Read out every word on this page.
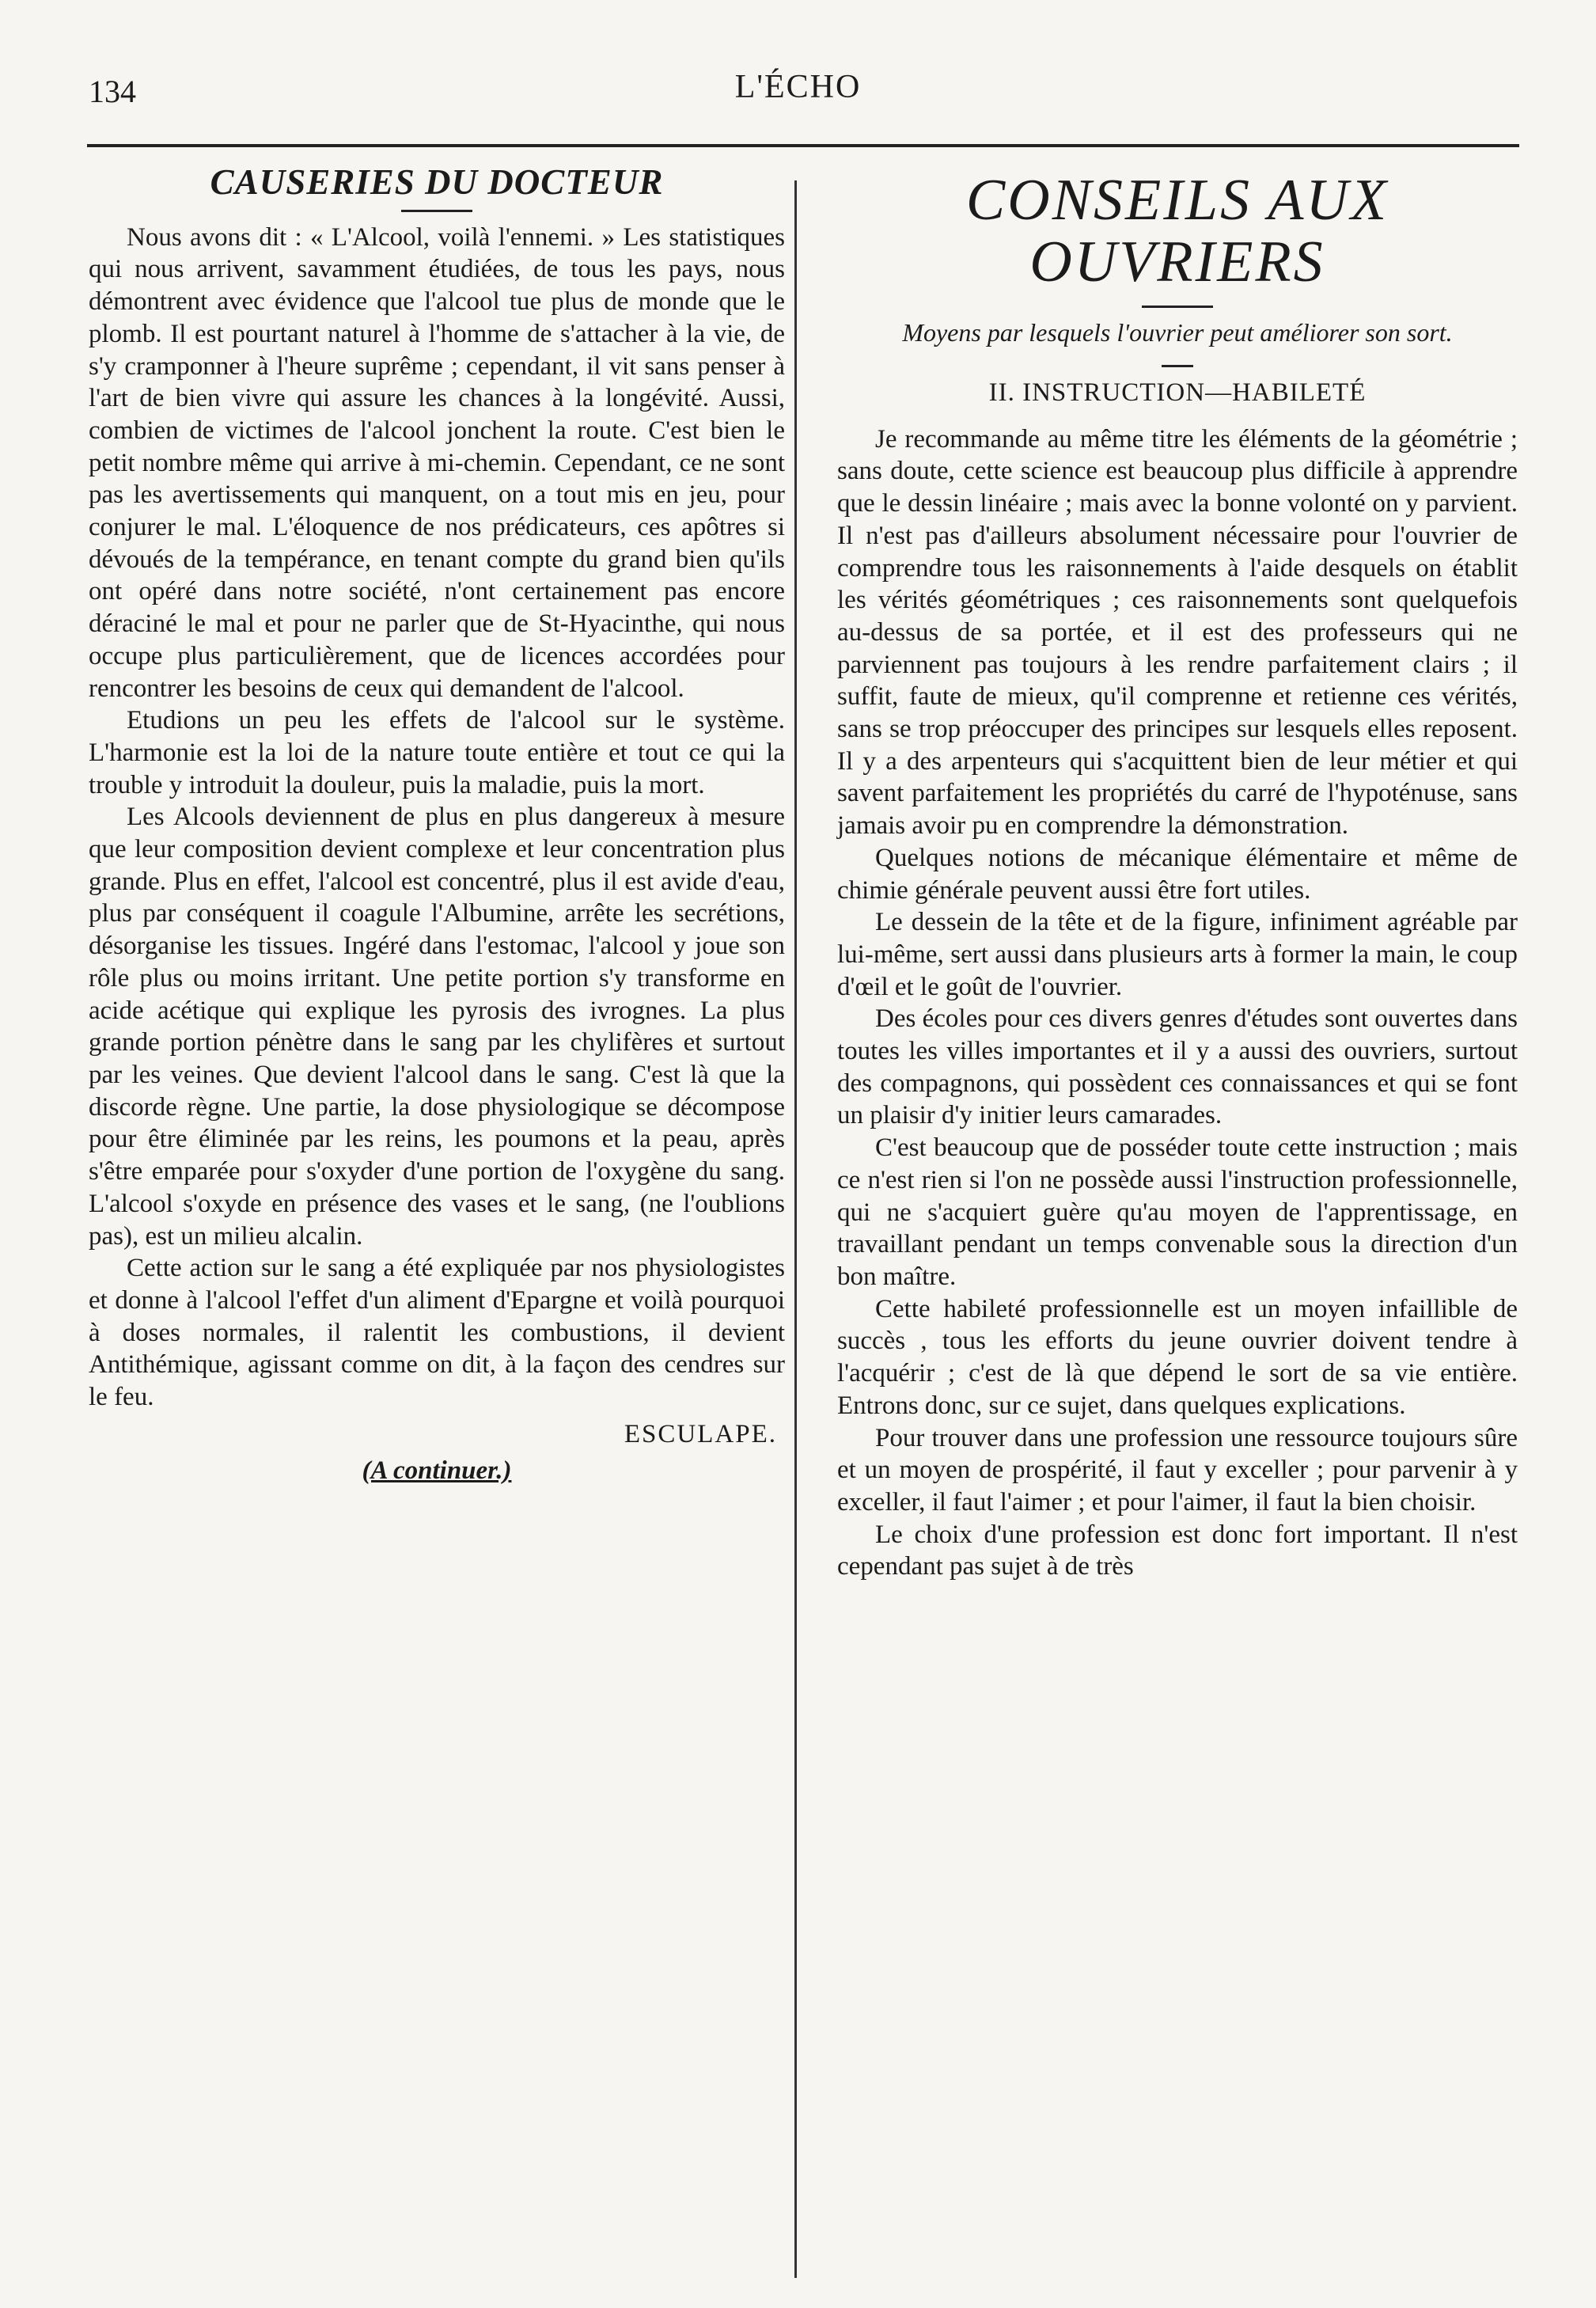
134	L'ÉCHO
CAUSERIES DU DOCTEUR

Nous avons dit : « L'Alcool, voilà l'ennemi. » Les statistiques qui nous arrivent, savamment étudiées, de tous les pays, nous démontrent avec évidence que l'alcool tue plus de monde que le plomb. Il est pourtant naturel à l'homme de s'attacher à la vie, de s'y cramponner à l'heure suprême ; cependant, il vit sans penser à l'art de bien vivre qui assure les chances à la longévité. Aussi, combien de victimes de l'alcool jonchent la route. C'est bien le petit nombre même qui arrive à mi-chemin. Cependant, ce ne sont pas les avertissements qui manquent, on a tout mis en jeu, pour conjurer le mal. L'éloquence de nos prédicateurs, ces apôtres si dévoués de la tempérance, en tenant compte du grand bien qu'ils ont opéré dans notre société, n'ont certainement pas encore déraciné le mal et pour ne parler que de St-Hyacinthe, qui nous occupe plus particulièrement, que de licences accordées pour rencontrer les besoins de ceux qui demandent de l'alcool.

Etudions un peu les effets de l'alcool sur le système. L'harmonie est la loi de la nature toute entière et tout ce qui la trouble y introduit la douleur, puis la maladie, puis la mort.

Les Alcools deviennent de plus en plus dangereux à mesure que leur composition devient complexe et leur concentration plus grande. Plus en effet, l'alcool est concentré, plus il est avide d'eau, plus par conséquent il coagule l'Albumine, arrête les secrétions, désorganise les tissues. Ingéré dans l'estomac, l'alcool y joue son rôle plus ou moins irritant. Une petite portion s'y transforme en acide acétique qui explique les pyrosis des ivrognes. La plus grande portion pénètre dans le sang par les chylifères et surtout par les veines. Que devient l'alcool dans le sang. C'est là que la discorde règne. Une partie, la dose physiologique se décompose pour être éliminée par les reins, les poumons et la peau, après s'être emparée pour s'oxyder d'une portion de l'oxygène du sang. L'alcool s'oxyde en présence des vases et le sang, (ne l'oublions pas), est un milieu alcalin.

Cette action sur le sang a été expliquée par nos physiologistes et donne à l'alcool l'effet d'un aliment d'Epargne et voilà pourquoi à doses normales, il ralentit les combustions, il devient Antithémique, agissant comme on dit, à la façon des cendres sur le feu.

ESCULAPE.
(A continuer.)
CONSEILS AUX OUVRIERS
Moyens par lesquels l'ouvrier peut améliorer son sort.
II. INSTRUCTION—HABILETÉ

Je recommande au même titre les éléments de la géométrie ; sans doute, cette science est beaucoup plus difficile à apprendre que le dessin linéaire ; mais avec la bonne volonté on y parvient. Il n'est pas d'ailleurs absolument nécessaire pour l'ouvrier de comprendre tous les raisonnements à l'aide desquels on établit les vérités géométriques ; ces raisonnements sont quelquefois au-dessus de sa portée, et il est des professeurs qui ne parviennent pas toujours à les rendre parfaitement clairs ; il suffit, faute de mieux, qu'il comprenne et retienne ces vérités, sans se trop préoccuper des principes sur lesquels elles reposent. Il y a des arpenteurs qui s'acquittent bien de leur métier et qui savent parfaitement les propriétés du carré de l'hypoténuse, sans jamais avoir pu en comprendre la démonstration.

Quelques notions de mécanique élémentaire et même de chimie générale peuvent aussi être fort utiles.

Le dessein de la tête et de la figure, infiniment agréable par lui-même, sert aussi dans plusieurs arts à former la main, le coup d'œil et le goût de l'ouvrier.

Des écoles pour ces divers genres d'études sont ouvertes dans toutes les villes importantes et il y a aussi des ouvriers, surtout des compagnons, qui possèdent ces connaissances et qui se font un plaisir d'y initier leurs camarades.

C'est beaucoup que de posséder toute cette instruction ; mais ce n'est rien si l'on ne possède aussi l'instruction professionnelle, qui ne s'acquiert guère qu'au moyen de l'apprentissage, en travaillant pendant un temps convenable sous la direction d'un bon maître.

Cette habileté professionnelle est un moyen infaillible de succès , tous les efforts du jeune ouvrier doivent tendre à l'acquérir ; c'est de là que dépend le sort de sa vie entière. Entrons donc, sur ce sujet, dans quelques explications.

Pour trouver dans une profession une ressource toujours sûre et un moyen de prospérité, il faut y exceller ; pour parvenir à y exceller, il faut l'aimer ; et pour l'aimer, il faut la bien choisir.

Le choix d'une profession est donc fort important. Il n'est cependant pas sujet à de très
